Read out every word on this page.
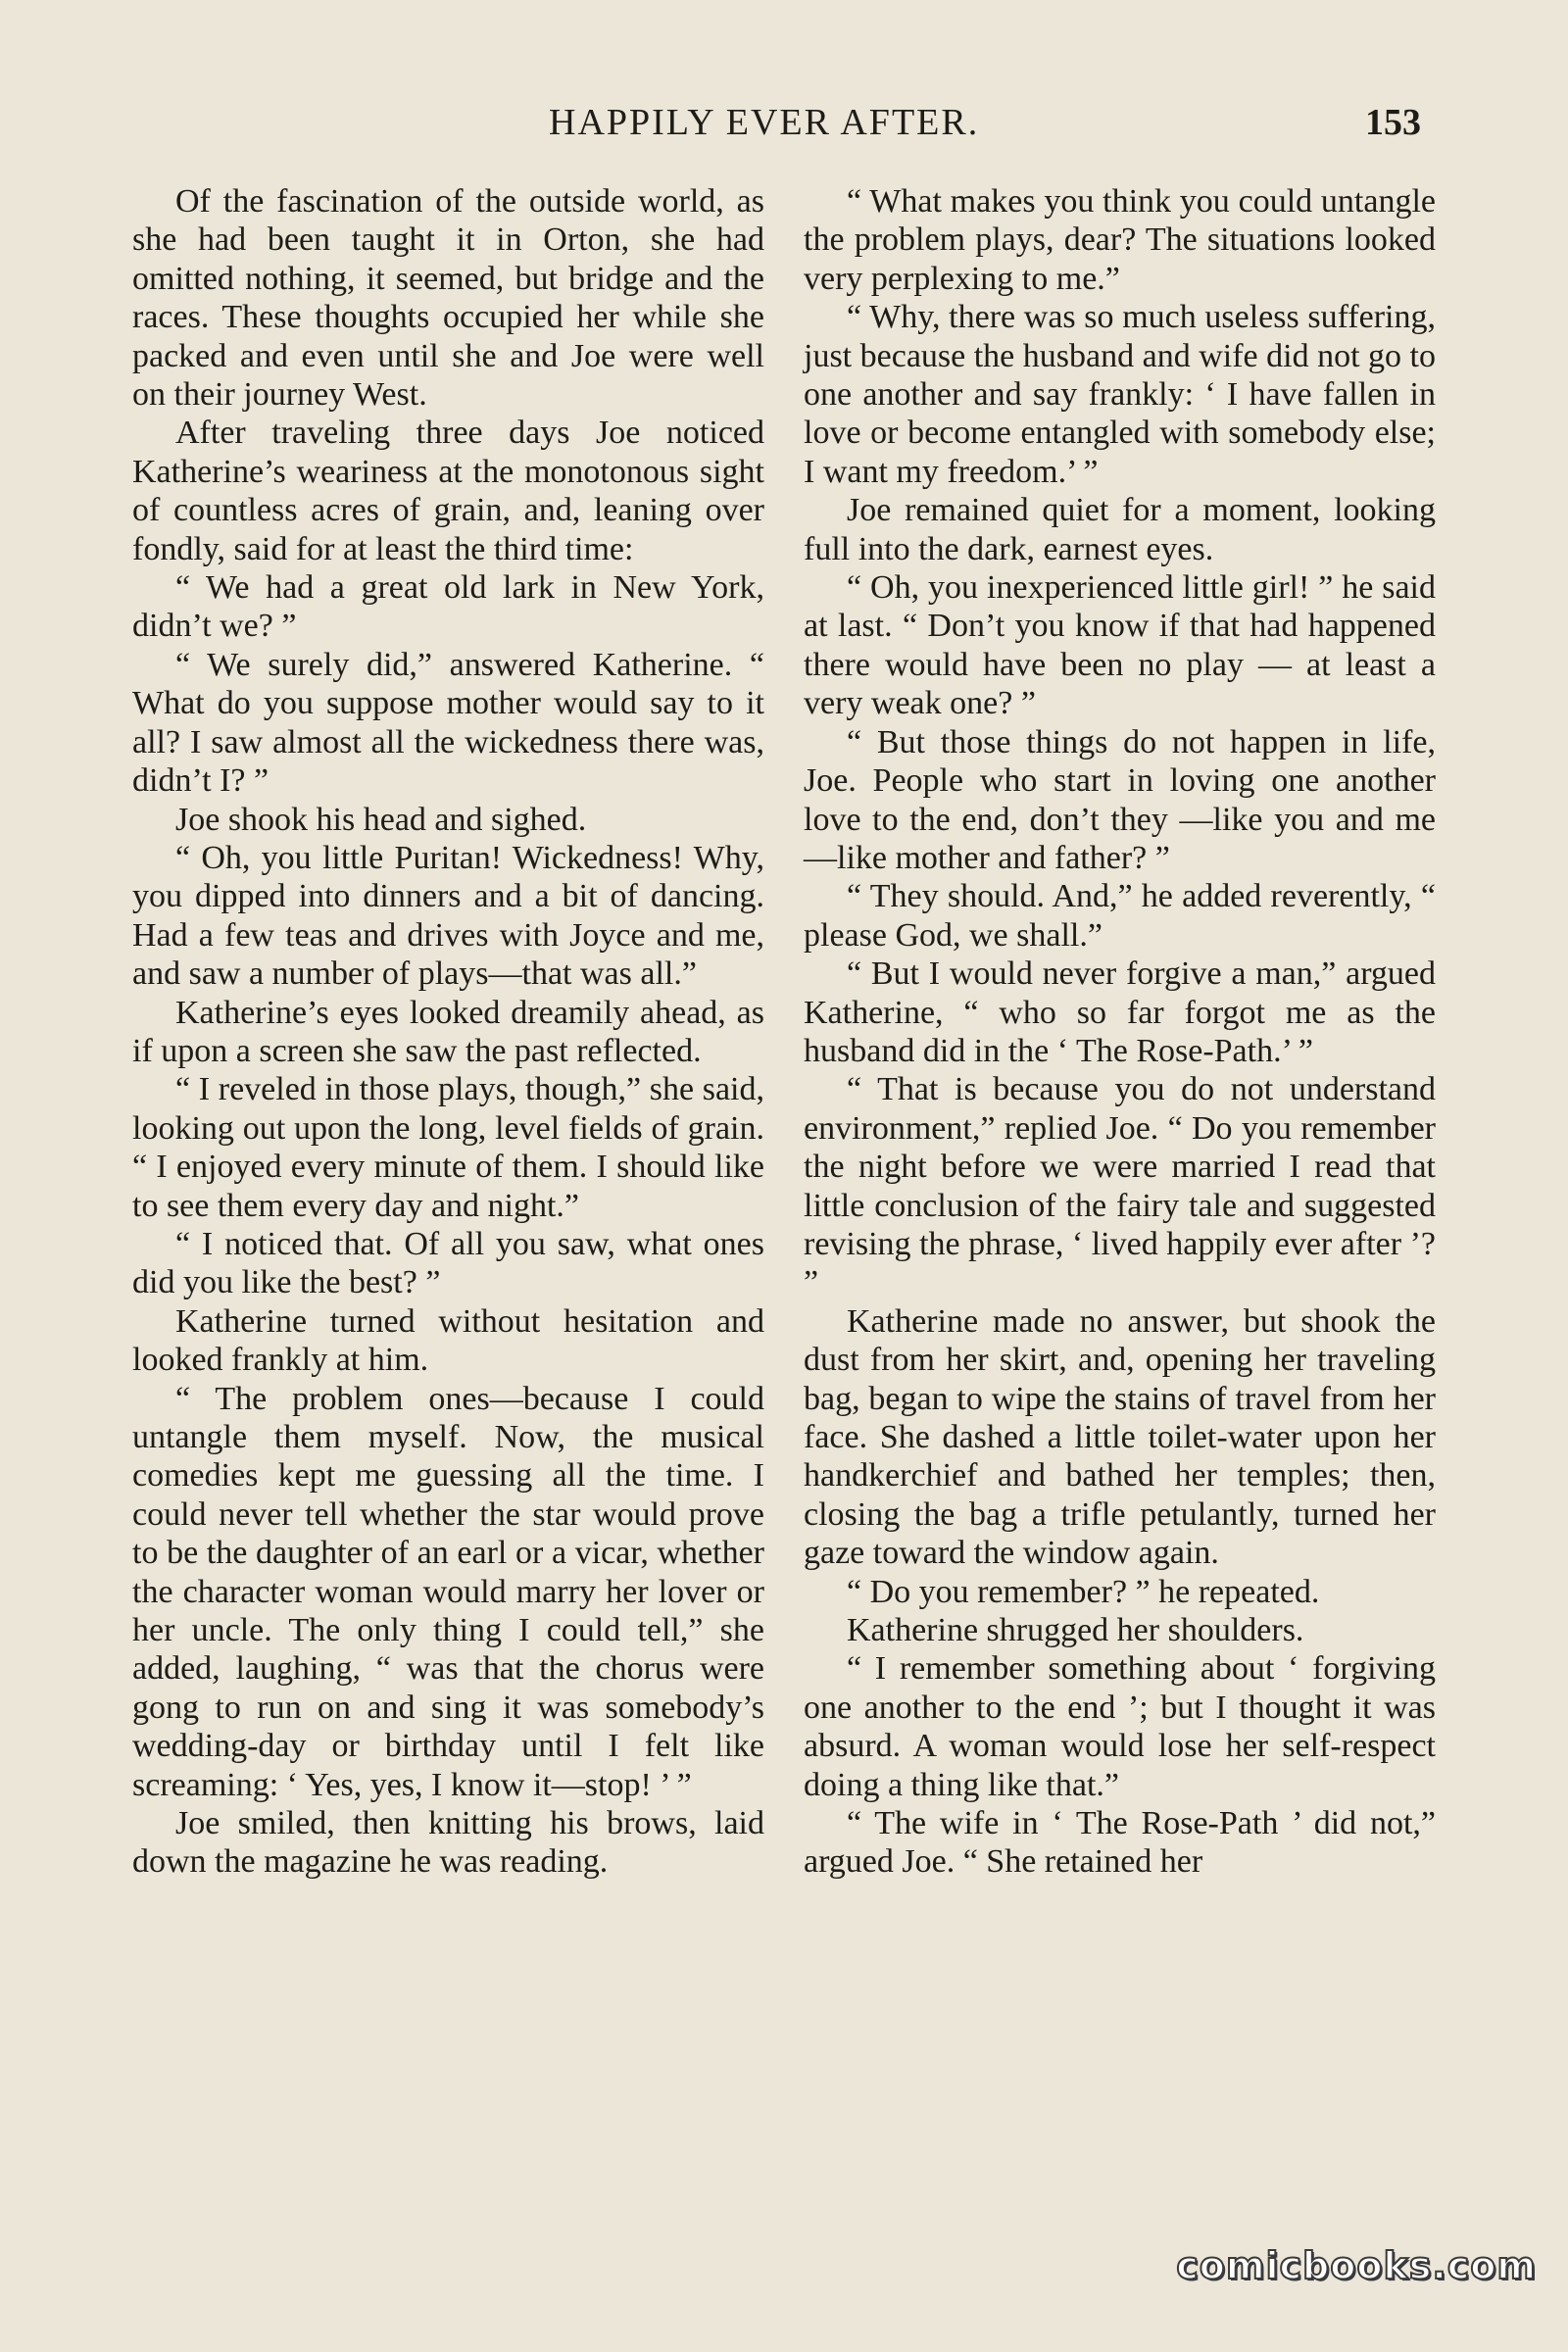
HAPPILY EVER AFTER.	153

Of the fascination of the outside world, as she had been taught it in Orton, she had omitted nothing, it seemed, but bridge and the races. These thoughts occupied her while she packed and even until she and Joe were well on their journey West.

After traveling three days Joe noticed Katherine’s weariness at the monotonous sight of countless acres of grain, and, leaning over fondly, said for at least the third time:

“ We had a great old lark in New York, didn’t we? ”

“ We surely did,” answered Katherine. “ What do you suppose mother would say to it all? I saw almost all the wickedness there was, didn’t I? ”

Joe shook his head and sighed.

“ Oh, you little Puritan! Wickedness! Why, you dipped into dinners and a bit of dancing. Had a few teas and drives with Joyce and me, and saw a number of plays—that was all.”

Katherine’s eyes looked dreamily ahead, as if upon a screen she saw the past reflected.

“ I reveled in those plays, though,” she said, looking out upon the long, level fields of grain. “ I enjoyed every minute of them. I should like to see them every day and night.”

“ I noticed that. Of all you saw, what ones did you like the best? ”

Katherine turned without hesitation and looked frankly at him.

“ The problem ones—because I could untangle them myself. Now, the musical comedies kept me guessing all the time. I could never tell whether the star would prove to be the daughter of an earl or a vicar, whether the character woman would marry her lover or her uncle. The only thing I could tell,” she added, laughing, “ was that the chorus were gong to run on and sing it was somebody’s wedding-day or birthday until I felt like screaming: ‘ Yes, yes, I know it—stop! ’ ”

Joe smiled, then knitting his brows, laid down the magazine he was reading.

“ What makes you think you could untangle the problem plays, dear? The situations looked very perplexing to me.”

“ Why, there was so much useless suffering, just because the husband and wife did not go to one another and say frankly: ‘ I have fallen in love or become entangled with somebody else; I want my freedom.’ ”

Joe remained quiet for a moment, looking full into the dark, earnest eyes.

“ Oh, you inexperienced little girl! ” he said at last. “ Don’t you know if that had happened there would have been no play — at least a very weak one? ”

“ But those things do not happen in life, Joe. People who start in loving one another love to the end, don’t they —like you and me—like mother and father? ”

“ They should. And,” he added reverently, “ please God, we shall.”

“ But I would never forgive a man,” argued Katherine, “ who so far forgot me as the husband did in the ‘ The Rose-Path.’ ”

“ That is because you do not understand environment,” replied Joe. “ Do you remember the night before we were married I read that little conclusion of the fairy tale and suggested revising the phrase, ‘ lived happily ever after ’? ”

Katherine made no answer, but shook the dust from her skirt, and, opening her traveling bag, began to wipe the stains of travel from her face. She dashed a little toilet-water upon her handkerchief and bathed her temples; then, closing the bag a trifle petulantly, turned her gaze toward the window again.

“ Do you remember? ” he repeated.

Katherine shrugged her shoulders.

“ I remember something about ‘ forgiving one another to the end ’; but I thought it was absurd. A woman would lose her self-respect doing a thing like that.”

“ The wife in ‘ The Rose-Path ’ did not,” argued Joe. “ She retained her

comicbooks.com
